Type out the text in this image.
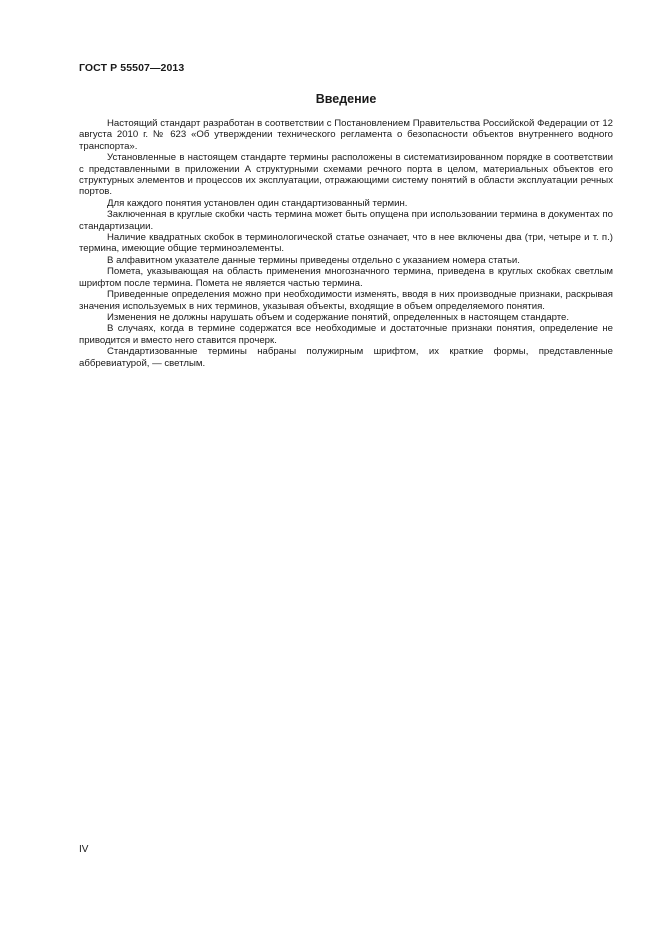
ГОСТ Р 55507—2013
Введение

Настоящий стандарт разработан в соответствии с Постановлением Правительства Российской Федерации от 12 августа 2010 г. № 623 «Об утверждении технического регламента о безопасности объектов внутреннего водного транспорта».

Установленные в настоящем стандарте термины расположены в систематизированном порядке в соответствии с представленными в приложении А структурными схемами речного порта в целом, материальных объектов его структурных элементов и процессов их эксплуатации, отражающими систему понятий в области эксплуатации речных портов.

Для каждого понятия установлен один стандартизованный термин.

Заключенная в круглые скобки часть термина может быть опущена при использовании термина в документах по стандартизации.

Наличие квадратных скобок в терминологической статье означает, что в нее включены два (три, четыре и т. п.) термина, имеющие общие терминоэлементы.

В алфавитном указателе данные термины приведены отдельно с указанием номера статьи.

Помета, указывающая на область применения многозначного термина, приведена в круглых скобках светлым шрифтом после термина. Помета не является частью термина.

Приведенные определения можно при необходимости изменять, вводя в них производные признаки, раскрывая значения используемых в них терминов, указывая объекты, входящие в объем определяемого понятия.

Изменения не должны нарушать объем и содержание понятий, определенных в настоящем стандарте.

В случаях, когда в термине содержатся все необходимые и достаточные признаки понятия, определение не приводится и вместо него ставится прочерк.

Стандартизованные термины набраны полужирным шрифтом, их краткие формы, представленные аббревиатурой, — светлым.

IV
